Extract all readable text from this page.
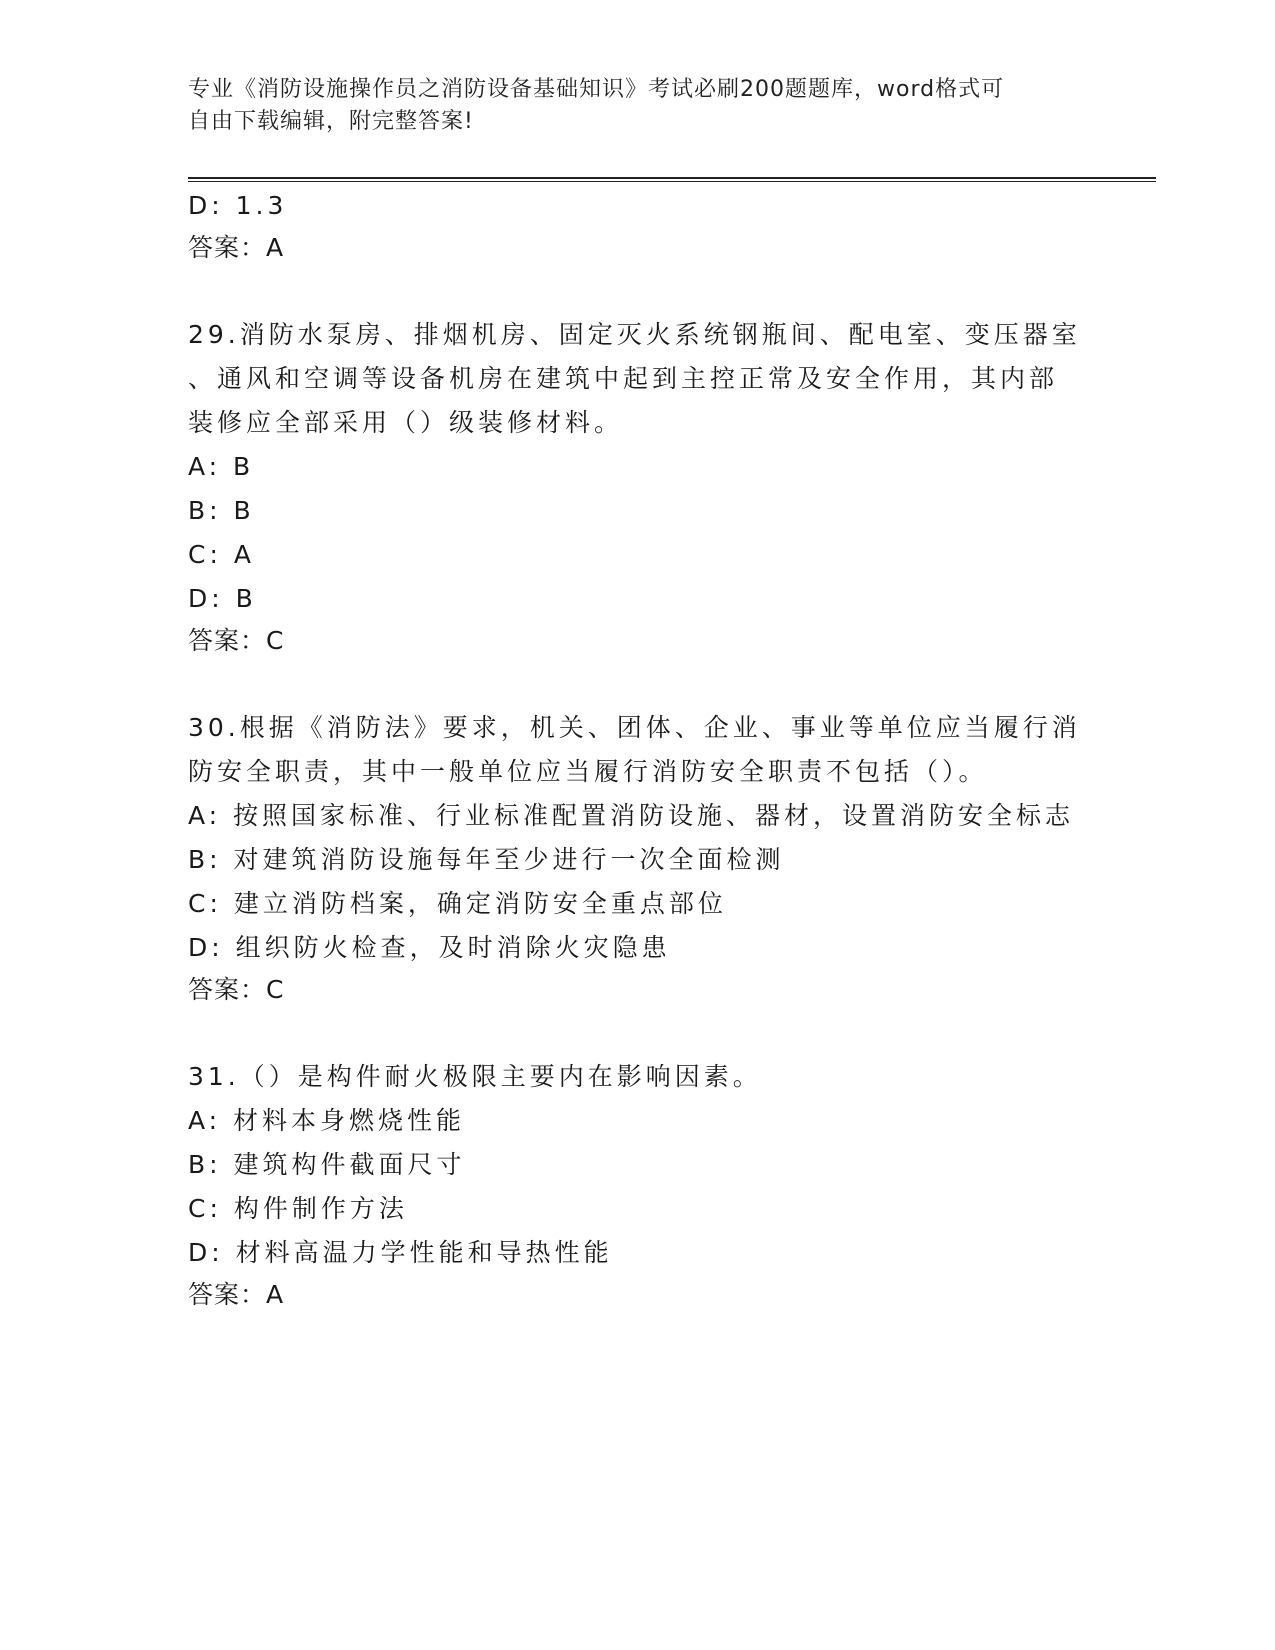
专业《消防设施操作员之消防设备基础知识》考试必刷200题题库，word格式可
自由下载编辑，附完整答案!
D: 1.3
答案：A
29.消防水泵房、排烟机房、固定灭火系统钢瓶间、配电室、变压器室
、通风和空调等设备机房在建筑中起到主控正常及安全作用，其内部
装修应全部采用（）级装修材料。
A: B
B: B
C: A
D: B
答案：C
30.根据《消防法》要求，机关、团体、企业、事业等单位应当履行消
防安全职责，其中一般单位应当履行消防安全职责不包括（）。
A: 按照国家标准、行业标准配置消防设施、器材，设置消防安全标志
B: 对建筑消防设施每年至少进行一次全面检测
C: 建立消防档案，确定消防安全重点部位
D: 组织防火检查，及时消除火灾隐患
答案：C
31.（）是构件耐火极限主要内在影响因素。
A: 材料本身燃烧性能
B: 建筑构件截面尺寸
C: 构件制作方法
D: 材料高温力学性能和导热性能
答案：A
